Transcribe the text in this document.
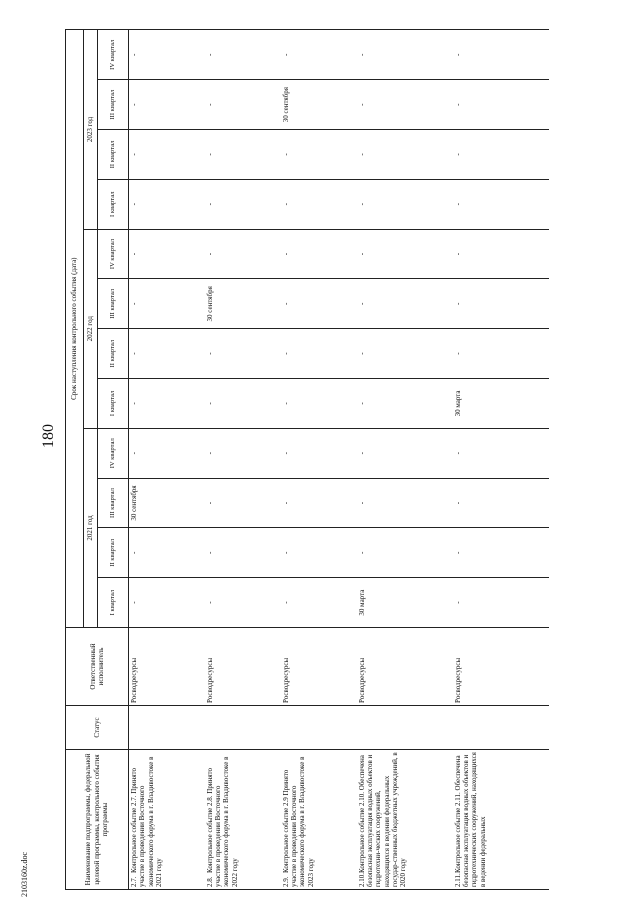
180
2103160z.doc	Наименование подпрограммы, федеральной целевой программы, контрольного события программы	Статус	Ответственный исполнитель	Срок наступления контрольного события (дата)											
			2021 год				2022 год				2023 год			
			I квартал	II квартал	III квартал	IV квартал	I квартал	II квартал	III квартал	IV квартал	I квартал	II квартал	III квартал	IV квартал
2.7.Контрольное событие 2.7. Принято участие в проведении Восточного экономического форума в г. Владивостоке в 2021 году		Росводресурсы	-	-	30 сентября	-	-	-	-	-	-	-	-	-
2.8.Контрольное событие 2.8. Принято участие в проведении Восточного экономического форума в г. Владивостоке в 2022 году		Росводресурсы	-	-	-	-	-	-	30 сентября	-	-	-	-	-
2.9.Контрольное событие 2.9 Принято участие в проведении Восточного экономического форума в г. Владивостоке в 2023 году		Росводресурсы	-	-	-	-	-	-	-	-	-	-	30 сентября	-
2.10.Контрольное событие 2.10. Обеспечена безопасная эксплуатация водных объектов и гидротехни-ческих сооружений, находящихся в ведении федеральных государ-ственных бюджетных учреждений, в 2020 году		Росводресурсы	30 марта	-	-	-	-	-	-	-	-	-	-	-
2.11.Контрольное событие 2.11. Обеспечена безопасная эксплуатация водных объектов и гидротехнических сооружений, находящихся в ведении федеральных		Росводресурсы	-	-	-	-	30 марта	-	-	-	-	-	-	-
